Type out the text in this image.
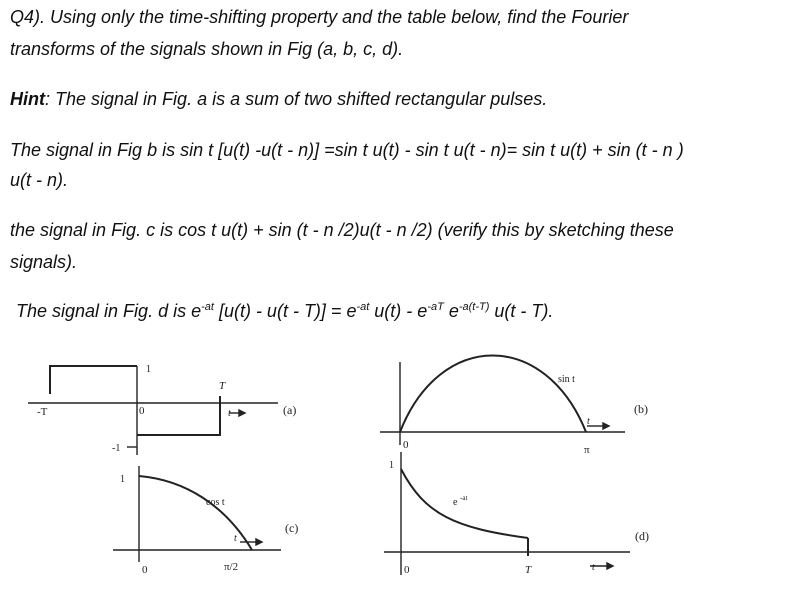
Q4). Using only the time-shifting property and the table below, find the Fourier
transforms of the signals shown in Fig (a, b, c, d).
Hint: The signal in Fig. a is a sum of two shifted rectangular pulses.
The signal in Fig b is sin t [u(t) -u(t - n)] =sin t u(t) - sin t u(t - n)= sin t u(t) + sin (t - n )
u(t - n).
the signal in Fig. c is cos t u(t) + sin (t - n /2)u(t - n /2) (verify this by sketching these
signals).
The signal in Fig. d is $e^{-at}$ $[u(t) - u(t - T)] = e^{-at}$ $u(t) - e^{-aT}$ $e^{-a(t-T)}$ u(t - T).
-T	0
T
1
-1
t	(a)
sin t
0	π
t
(b)
1
cos t
0	π/2
t
(c)
1
e -at
0	T	t
(d)
